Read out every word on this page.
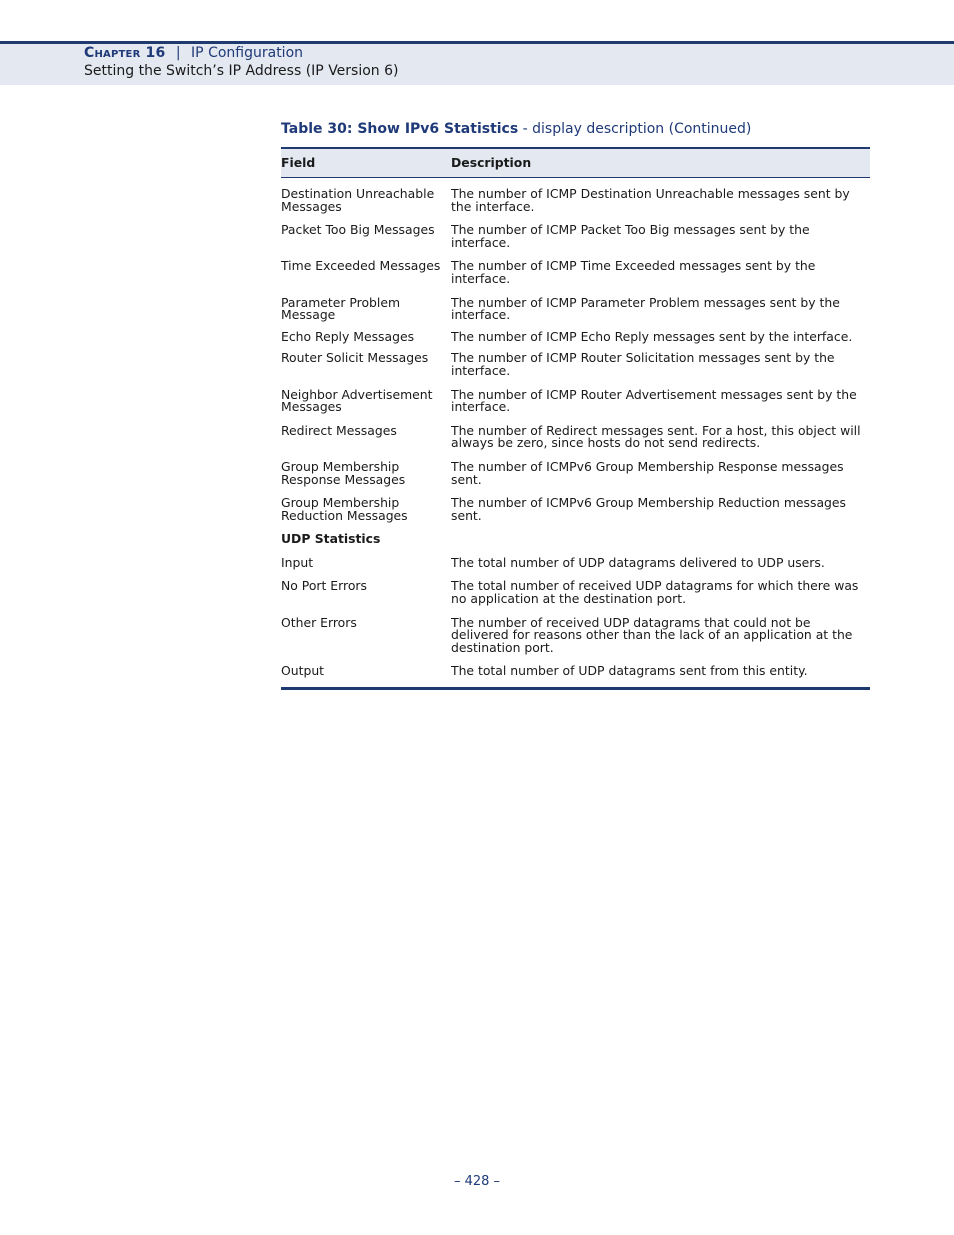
Chapter 16 | IP Configuration
Setting the Switch’s IP Address (IP Version 6)
Table 30: Show IPv6 Statistics - display description (Continued)
Field	Description
Destination Unreachable Messages	The number of ICMP Destination Unreachable messages sent by the interface.
Packet Too Big Messages	The number of ICMP Packet Too Big messages sent by the interface.
Time Exceeded Messages	The number of ICMP Time Exceeded messages sent by the interface.
Parameter Problem Message	The number of ICMP Parameter Problem messages sent by the interface.
Echo Reply Messages	The number of ICMP Echo Reply messages sent by the interface.
Router Solicit Messages	The number of ICMP Router Solicitation messages sent by the interface.
Neighbor Advertisement Messages	The number of ICMP Router Advertisement messages sent by the interface.
Redirect Messages	The number of Redirect messages sent. For a host, this object will always be zero, since hosts do not send redirects.
Group Membership Response Messages	The number of ICMPv6 Group Membership Response messages sent.
Group Membership Reduction Messages	The number of ICMPv6 Group Membership Reduction messages sent.
UDP Statistics	
Input	The total number of UDP datagrams delivered to UDP users.
No Port Errors	The total number of received UDP datagrams for which there was no application at the destination port.
Other Errors	The number of received UDP datagrams that could not be delivered for reasons other than the lack of an application at the destination port.
Output	The total number of UDP datagrams sent from this entity.
– 428 –
